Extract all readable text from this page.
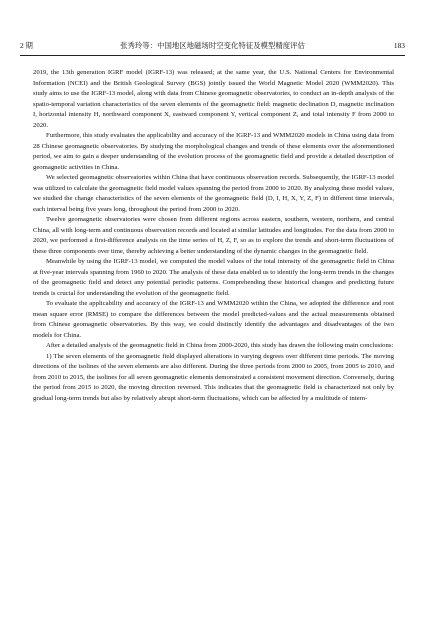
2 期	张秀玲等：中国地区地磁场时空变化特征及模型精度评估	183

2019, the 13th generation IGRF model (IGRF-13) was released; at the same year, the U.S. National Centers for Environmental Information (NCEI) and the British Geological Survey (BGS) jointly issued the World Magnetic Model 2020 (WMM2020). This study aims to use the IGRF-13 model, along with data from Chinese geomagnetic observatories, to conduct an in-depth analysis of the spatio-temporal variation characteristics of the seven elements of the geomagnetic field: magnetic declination D, magnetic inclination I, horizontal intensity H, northward component X, eastward component Y, vertical component Z, and total intensity F from 2000 to 2020.

Furthermore, this study evaluates the applicability and accuracy of the IGRF-13 and WMM2020 models in China using data from 28 Chinese geomagnetic observatories. By studying the morphological changes and trends of these elements over the aforementioned period, we aim to gain a deeper understanding of the evolution process of the geomagnetic field and provide a detailed description of geomagnetic activities in China.

We selected geomagnetic observatories within China that have continuous observation records. Subsequently, the IGRF-13 model was utilized to calculate the geomagnetic field model values spanning the period from 2000 to 2020. By analyzing these model values, we studied the change characteristics of the seven elements of the geomagnetic field (D, I, H, X, Y, Z, F) in different time intervals, each interval being five years long, throughout the period from 2000 to 2020.

Twelve geomagnetic observatories were chosen from different regions across eastern, southern, western, northern, and central China, all with long-term and continuous observation records and located at similar latitudes and longitudes. For the data from 2000 to 2020, we performed a first-difference analysis on the time series of H, Z, F, so as to explore the trends and short-term fluctuations of these three components over time, thereby achieving a better understanding of the dynamic changes in the geomagnetic field.

Meanwhile by using the IGRF-13 model, we computed the model values of the total intensity of the geomagnetic field in China at five-year intervals spanning from 1960 to 2020. The analysis of these data enabled us to identify the long-term trends in the changes of the geomagnetic field and detect any potential periodic patterns. Comprehending these historical changes and predicting future trends is crucial for understanding the evolution of the geomagnetic field.

To evaluate the applicability and accuracy of the IGRF-13 and WMM2020 within the China, we adopted the difference and root mean square error (RMSE) to compare the differences between the model predicted-values and the actual measurements obtained from Chinese geomagnetic observatories. By this way, we could distinctly identify the advantages and disadvantages of the two models for China.

After a detailed analysis of the geomagnetic field in China from 2000-2020, this study has drawn the following main conclusions:

1) The seven elements of the geomagnetic field displayed alterations in varying degrees over different time periods. The moving directions of the isolines of the seven elements are also different. During the three periods from 2000 to 2005, from 2005 to 2010, and from 2010 to 2015, the isolines for all seven geomagnetic elements demonstrated a consistent movement direction. Conversely, during the period from 2015 to 2020, the moving direction reversed. This indicates that the geomagnetic field is characterized not only by gradual long-term trends but also by relatively abrupt short-term fluctuations, which can be affected by a multitude of intern-
